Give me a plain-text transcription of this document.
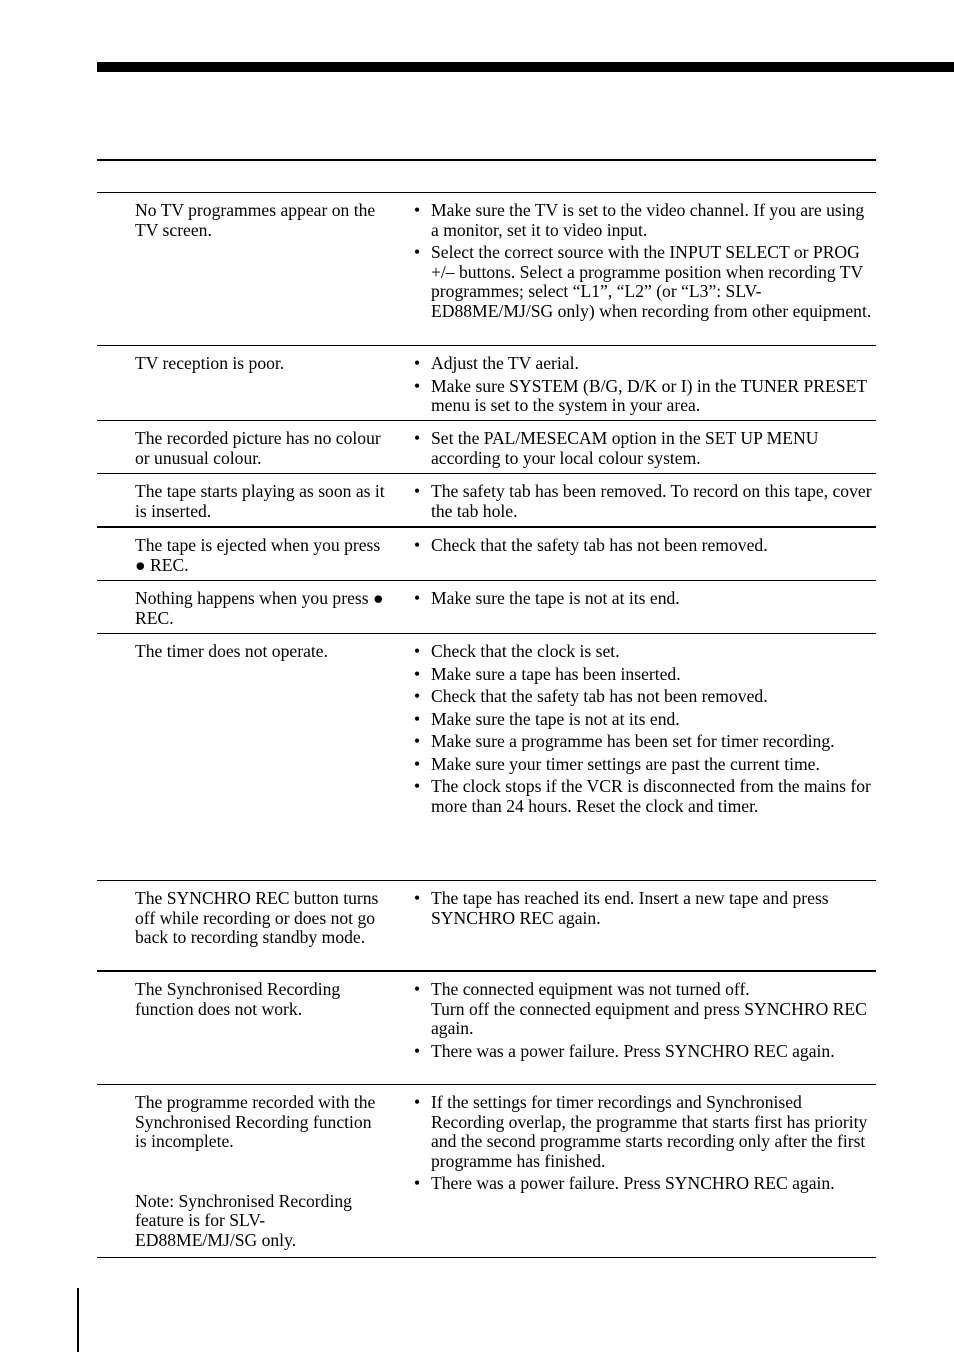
No TV programmes appear on the TV screen.
• Make sure the TV is set to the video channel. If you are using a monitor, set it to video input.
• Select the correct source with the INPUT SELECT or PROG +/– buttons. Select a programme position when recording TV programmes; select “L1”, “L2” (or “L3”: SLV-ED88ME/MJ/SG only) when recording from other equipment.
TV reception is poor.	• Adjust the TV aerial.
• Make sure SYSTEM (B/G, D/K or I) in the TUNER PRESET menu is set to the system in your area.
The recorded picture has no colour or unusual colour.
• Set the PAL/MESECAM option in the SET UP MENU according to your local colour system.
The tape starts playing as soon as it is inserted.
• The safety tab has been removed. To record on this tape, cover the tab hole.
The tape is ejected when you press ● REC.
• Check that the safety tab has not been removed.
Nothing happens when you press ● REC.
• Make sure the tape is not at its end.
The timer does not operate.	• Check that the clock is set.
• Make sure a tape has been inserted.
• Check that the safety tab has not been removed.
• Make sure the tape is not at its end.
• Make sure a programme has been set for timer recording.
• Make sure your timer settings are past the current time.
• The clock stops if the VCR is disconnected from the mains for more than 24 hours. Reset the clock and timer.
The SYNCHRO REC button turns off while recording or does not go back to recording standby mode.
• The tape has reached its end. Insert a new tape and press SYNCHRO REC again.
The Synchronised Recording function does not work.
• The connected equipment was not turned off.
Turn off the connected equipment and press SYNCHRO REC again.
• There was a power failure. Press SYNCHRO REC again.
The programme recorded with the Synchronised Recording function is incomplete.
Note: Synchronised Recording feature is for SLV-ED88ME/MJ/SG only.
• If the settings for timer recordings and Synchronised Recording overlap, the programme that starts first has priority and the second programme starts recording only after the first programme has finished.
• There was a power failure. Press SYNCHRO REC again.
